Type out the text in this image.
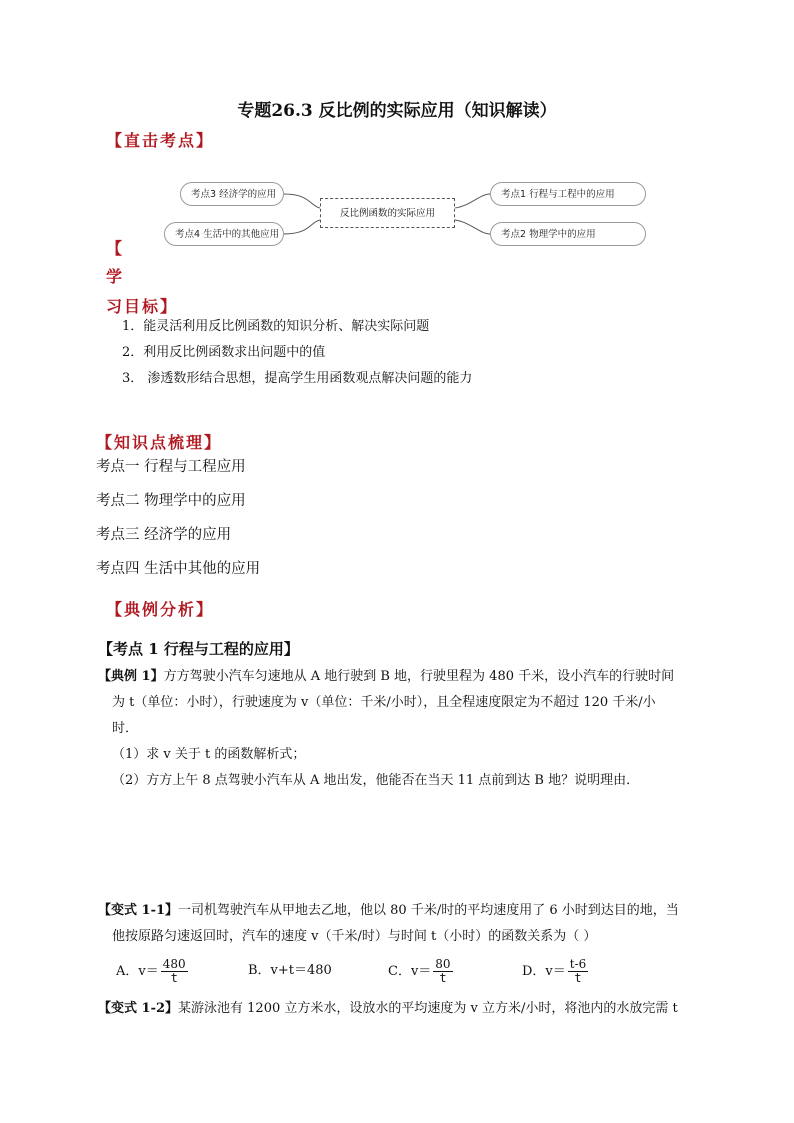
专题26.3 反比例的实际应用（知识解读）
【直击考点】
考点3 经济学的应用
考点4 生活中的其他应用
反比例函数的实际应用
考点1 行程与工程中的应用
考点2 物理学中的应用
【
学
习目标】
1．能灵活利用反比例函数的知识分析、解决实际问题
2．利用反比例函数求出问题中的值
3． 渗透数形结合思想，提高学生用函数观点解决问题的能力
【知识点梳理】
考点一 行程与工程应用
考点二 物理学中的应用
考点三 经济学的应用
考点四 生活中其他的应用
【典例分析】
【考点 1 行程与工程的应用】
【典例 1】方方驾驶小汽车匀速地从 A 地行驶到 B 地，行驶里程为 480 千米，设小汽车的行驶时间
为 t（单位：小时），行驶速度为 v（单位：千米/小时），且全程速度限定为不超过 120 千米/小
时．
（1）求 v 关于 t 的函数解析式；
（2）方方上午 8 点驾驶小汽车从 A 地出发，他能否在当天 11 点前到达 B 地？说明理由．
【变式 1-1】一司机驾驶汽车从甲地去乙地，他以 80 千米/时的平均速度用了 6 小时到达目的地，当
他按原路匀速返回时，汽车的速度 v（千米/时）与时间 t（小时）的函数关系为（ ）
A．$v= \frac{480}{t}$	B．v+t＝480	C．$v= \frac{80}{t}$	D．$v= \frac{t-6}{t}$
【变式 1-2】某游泳池有 1200 立方米水，设放水的平均速度为 v 立方米/小时，将池内的水放完需 t
